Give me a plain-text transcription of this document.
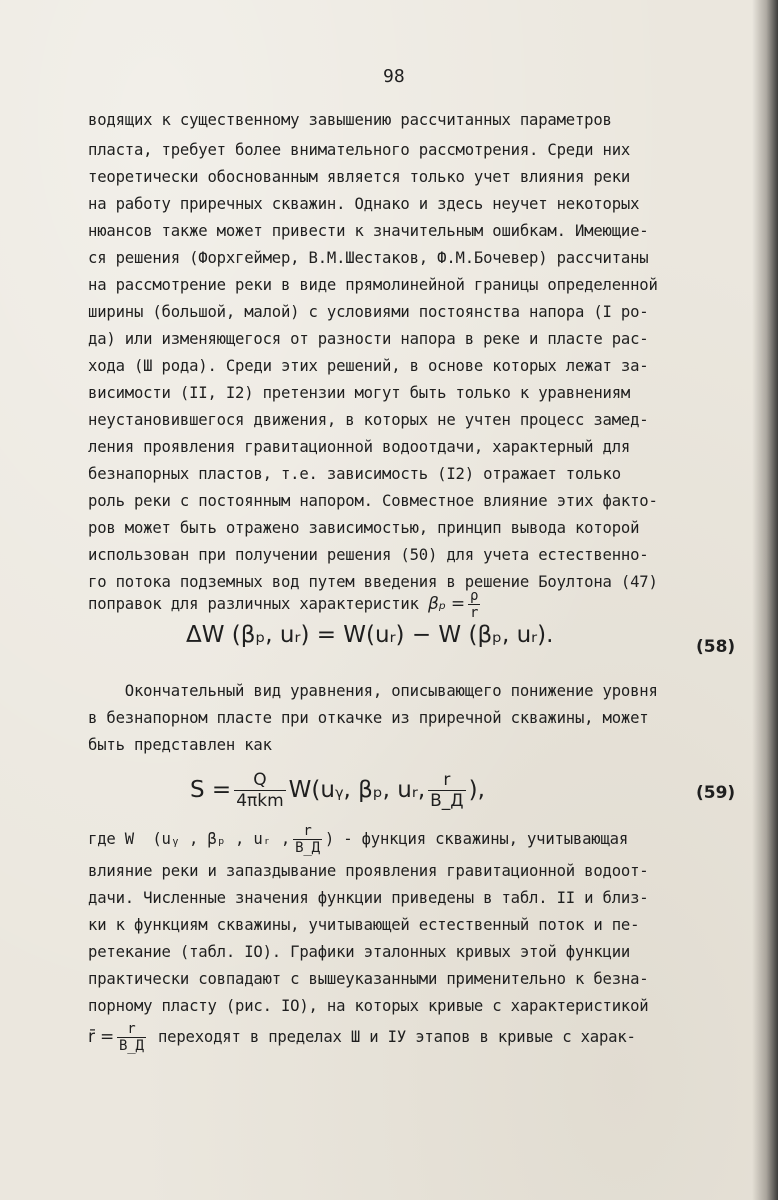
98
водящих к существенному завышению рассчитанных параметров
пласта, требует более внимательного рассмотрения. Среди них
теоретически обоснованным является только учет влияния реки
на работу приречных скважин. Однако и здесь неучет некоторых
нюансов также может привести к значительным ошибкам. Имеющие-
ся решения (Форхгеймер, В.М.Шестаков, Ф.М.Бочевер) рассчитаны
на рассмотрение реки в виде прямолинейной границы определенной
ширины (большой, малой) с условиями постоянства напора (I ро-
да) или изменяющегося от разности напора в реке и пласте рас-
хода (Ш рода). Среди этих решений, в основе которых лежат за-
висимости (II, I2) претензии могут быть только к уравнениям
неустановившегося движения, в которых не учтен процесс замед-
ления проявления гравитационной водоотдачи, характерный для
безнапорных пластов, т.е. зависимость (I2) отражает только
роль реки с постоянным напором. Совместное влияние этих факто-
ров может быть отражено зависимостью, принцип вывода которой
использован при получении решения (50) для учета естественно-
го потока подземных вод путем введения в решение Боултона (47)
поправок для различных характеристик $\beta_p = \frac{\rho}{r}$
ΔW (βₚ, uᵣ) = W(uᵣ) − W (βₚ, uᵣ).	(58)
Окончательный вид уравнения, описывающего понижение уровня
в безнапорном пласте при откачке из приречной скважины, может
быть представлен как
$S = \frac{Q}{\text{4πkm}}$ W(uᵧ, βₚ, uᵣ, $\frac{r}{B\_Д}$ ),	(59)
где W  (uᵧ , βₚ , uᵣ , $\frac{r}{B\_Д}$ ) - функция скважины, учитывающая
влияние реки и запаздывание проявления гравитационной водоот-
дачи. Численные значения функции приведены в табл. II и близ-
ки к функциям скважины, учитывающей естественный поток и пе-
ретекание (табл. IO). Графики эталонных кривых этой функции
практически совпадают с вышеуказанными применительно к безна-
порному пласту (рис. IO), на которых кривые с характеристикой
r̄ = $\frac{r}{B\_Д}$ переходят в пределах Ш и IУ этапов в кривые с харак-
